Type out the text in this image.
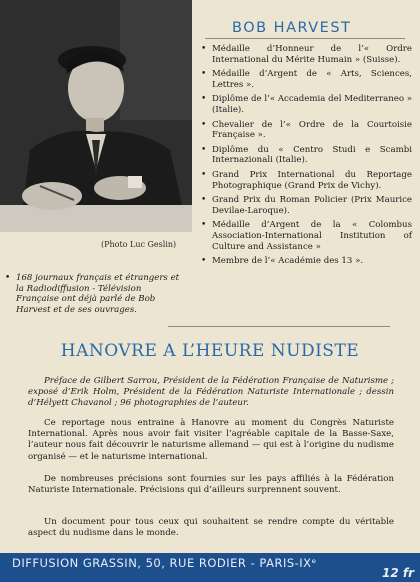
(Photo Luc Geslin)
BOB HARVEST
• Médaille d’Honneur de l’« Ordre International du Mérite Humain » (Suisse).
• Médaille d’Argent de « Arts, Sciences, Lettres ».
• Diplôme de l’« Accademia del Mediterraneo » (Italie).
• Chevalier de l’« Ordre de la Courtoisie Française ».
• Diplôme du « Centro Studi e Scambi Internazionali (Italie).
• Grand Prix International du Reportage Photographique (Grand Prix de Vichy).
• Grand Prix du Roman Policier (Prix Maurice Devilae-Laroque).
• Médaille d’Argent de la « Colombus Association-International Institution of Culture and Assistance »
• Membre de l’« Académie des 13 ».
• 168 journaux français et étrangers et la Radiodiffusion - Télévision Française ont déjà parlé de Bob Harvest et de ses ouvrages.
HANOVRE A L’HEURE NUDISTE

Préface de Gilbert Sarrou, Président de la Fédération Française de Naturisme ; exposé d’Erik Holm, Président de la Fédération Naturiste Internationale ; dessin d’Hélyett Chavanol ; 96 photographies de l’auteur.

Ce reportage nous entraine à Hanovre au moment du Congrès Naturiste International. Après nous avoir fait visiter l’agréable capitale de la Basse-Saxe, l’auteur nous fait découvrir le naturisme allemand — qui est à l’origine du nudisme organisé — et le naturisme international.

De nombreuses précisions sont fournies sur les pays affiliés à la Fédération Naturiste Internationale. Précisions qui d’ailleurs surprennent souvent.

Un document pour tous ceux qui souhaitent se rendre compte du véritable aspect du nudisme dans le monde.

DIFFUSION GRASSIN, 50, RUE RODIER - PARIS-IXᵉ
12 fr
